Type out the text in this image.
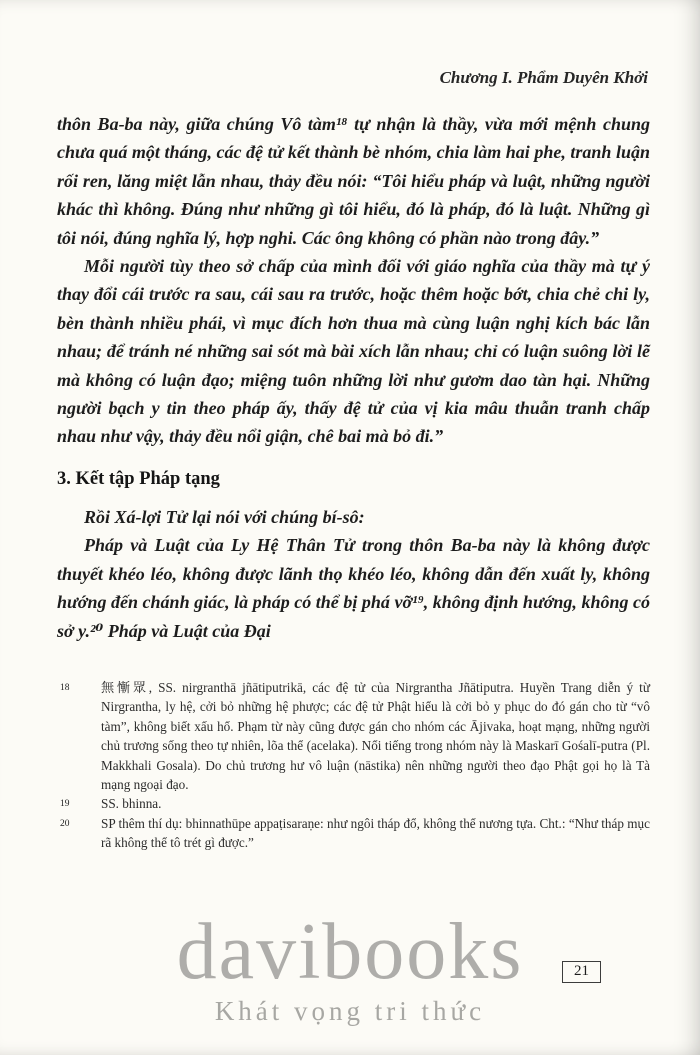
Chương I. Phẩm Duyên Khởi

thôn Ba-ba này, giữa chúng Vô tàm¹⁸ tự nhận là thầy, vừa mới mệnh chung chưa quá một tháng, các đệ tử kết thành bè nhóm, chia làm hai phe, tranh luận rối ren, lăng miệt lẫn nhau, thảy đều nói: “Tôi hiểu pháp và luật, những người khác thì không. Đúng như những gì tôi hiểu, đó là pháp, đó là luật. Những gì tôi nói, đúng nghĩa lý, hợp nghi. Các ông không có phần nào trong đây.”

Mỗi người tùy theo sở chấp của mình đối với giáo nghĩa của thầy mà tự ý thay đổi cái trước ra sau, cái sau ra trước, hoặc thêm hoặc bớt, chia chẻ chi ly, bèn thành nhiều phái, vì mục đích hơn thua mà cùng luận nghị kích bác lẫn nhau; để tránh né những sai sót mà bài xích lẫn nhau; chỉ có luận suông lời lẽ mà không có luận đạo; miệng tuôn những lời như gươm dao tàn hại. Những người bạch y tin theo pháp ấy, thấy đệ tử của vị kia mâu thuẫn tranh chấp nhau như vậy, thảy đều nổi giận, chê bai mà bỏ đi.”

3. Kết tập Pháp tạng

Rồi Xá-lợi Tử lại nói với chúng bí-sô:

Pháp và Luật của Ly Hệ Thân Tử trong thôn Ba-ba này là không được thuyết khéo léo, không được lãnh thọ khéo léo, không dẫn đến xuất ly, không hướng đến chánh giác, là pháp có thể bị phá vỡ¹⁹, không định hướng, không có sở y.²⁰ Pháp và Luật của Đại

18 無慚眾, SS. nirgranthā jñātiputrikā, các đệ tử của Nirgrantha Jñātiputra. Huyền Trang diễn ý từ Nirgrantha, ly hệ, cởi bỏ những hệ phược; các đệ tử Phật hiểu là cởi bỏ y phục do đó gán cho từ “vô tàm”, không biết xấu hổ. Phạm từ này cũng được gán cho nhóm các Ājivaka, hoạt mạng, những người chủ trương sống theo tự nhiên, lõa thể (acelaka). Nổi tiếng trong nhóm này là Maskarī Gośalī-putra (Pl. Makkhali Gosala). Do chủ trương hư vô luận (nāstika) nên những người theo đạo Phật gọi họ là Tà mạng ngoại đạo.
19 SS. bhinna.
20 SP thêm thí dụ: bhinnathūpe appaṭisaraṇe: như ngôi tháp đổ, không thể nương tựa. Cht.: “Như tháp mục rã không thể tô trét gì được.”
davibooks
Khát vọng tri thức
21
